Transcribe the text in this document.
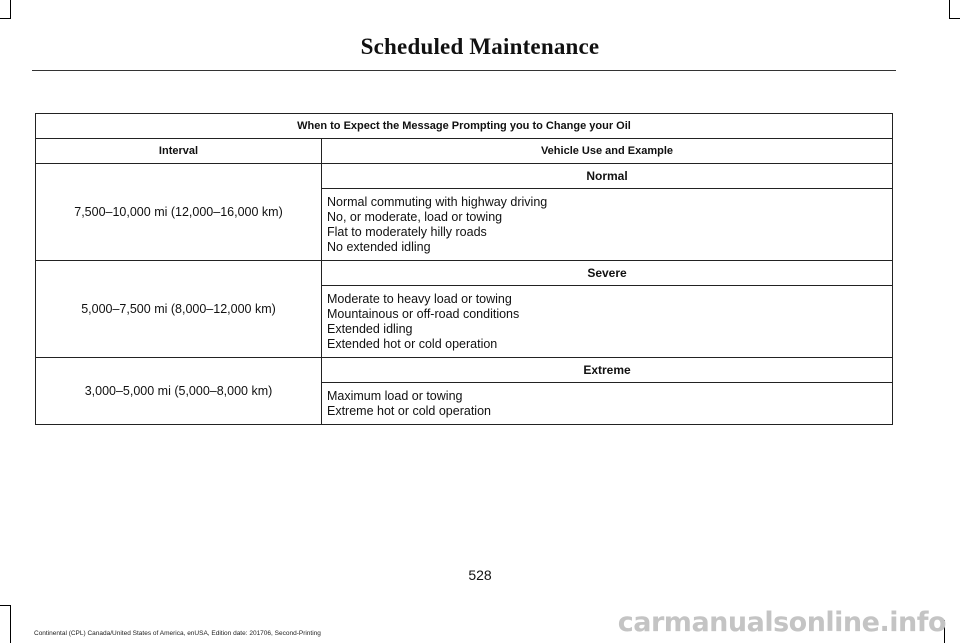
Scheduled Maintenance
When to Expect the Message Prompting you to Change your Oil	
Interval	Vehicle Use and Example
7,500–10,000 mi (12,000–16,000 km)	Normal

	Normal commuting with highway driving
No, or moderate, load or towing
Flat to moderately hilly roads
No extended idling

5,000–7,500 mi (8,000–12,000 km)	Severe

	Moderate to heavy load or towing
Mountainous or off-road conditions
Extended idling
Extended hot or cold operation

3,000–5,000 mi (5,000–8,000 km)	Extreme

	Maximum load or towing
Extreme hot or cold operation
528
Continental (CPL) Canada/United States of America, enUSA, Edition date: 201706, Second-Printing	carmanualsonline.info
